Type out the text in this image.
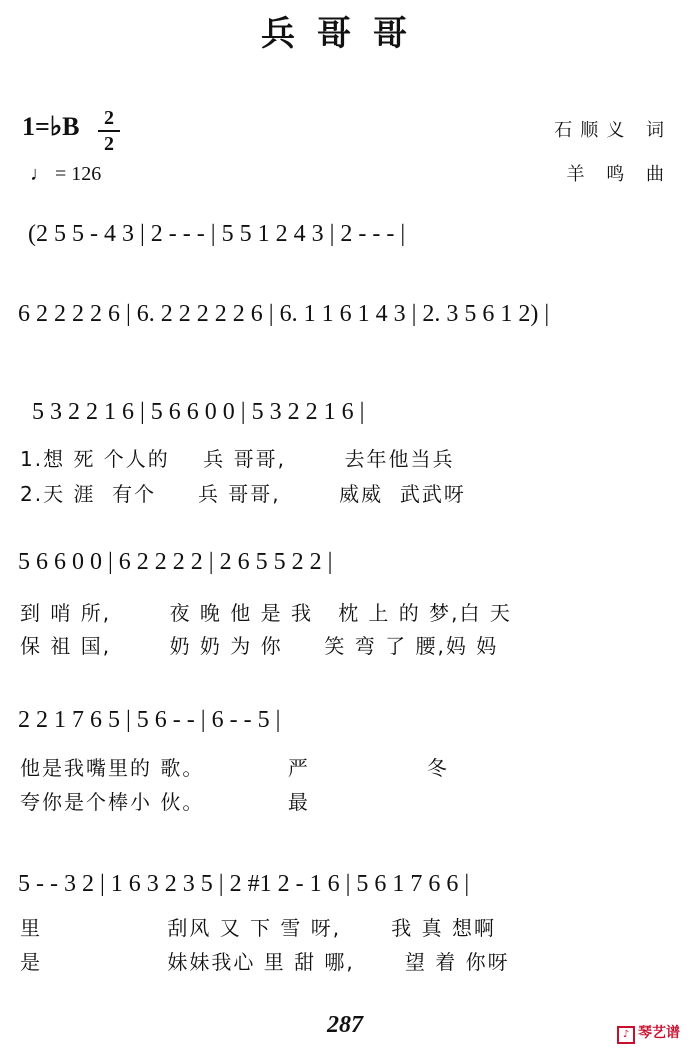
兵哥哥
1=♭B	2
2
♩ = 126
石顺义 词
羊 鸣 曲
(2 5 5 - 4 3 | 2 - - - | 5 5 1 2 4 3 | 2 - - - |
6 2 2 2 2 6 | 6. 2 2 2 2 2 6 | 6. 1 1 6 1 4 3 | 2. 3 5 6 1 2) |
5 3 2 2 1 6 | 5 6 6 0 0 | 5 3 2 2 1 6 |
1.想 死 个人的    兵 哥哥,       去年他当兵
2.天 涯  有个     兵 哥哥,       威威  武武呀
5 6 6 0 0 | 6 2 2 2 2 | 2 6 5 5 2 2 |
到 哨 所,       夜 晚 他 是 我   枕 上 的 梦,白 天
保 祖 国,       奶 奶 为 你     笑 弯 了 腰,妈 妈
2 2 1 7 6 5 | 5 6 - - | 6 - - 5 |
他是我嘴里的 歌。          严              冬
夸你是个棒小 伙。          最
5 - - 3 2 | 1 6 3 2 3 5 | 2 #1 2 - 1 6 | 5 6 1 7 6 6 |
里               刮风 又 下 雪 呀,      我 真 想啊
是               妹妹我心 里 甜 哪,      望 着 你呀
287	♪ 琴艺谱
